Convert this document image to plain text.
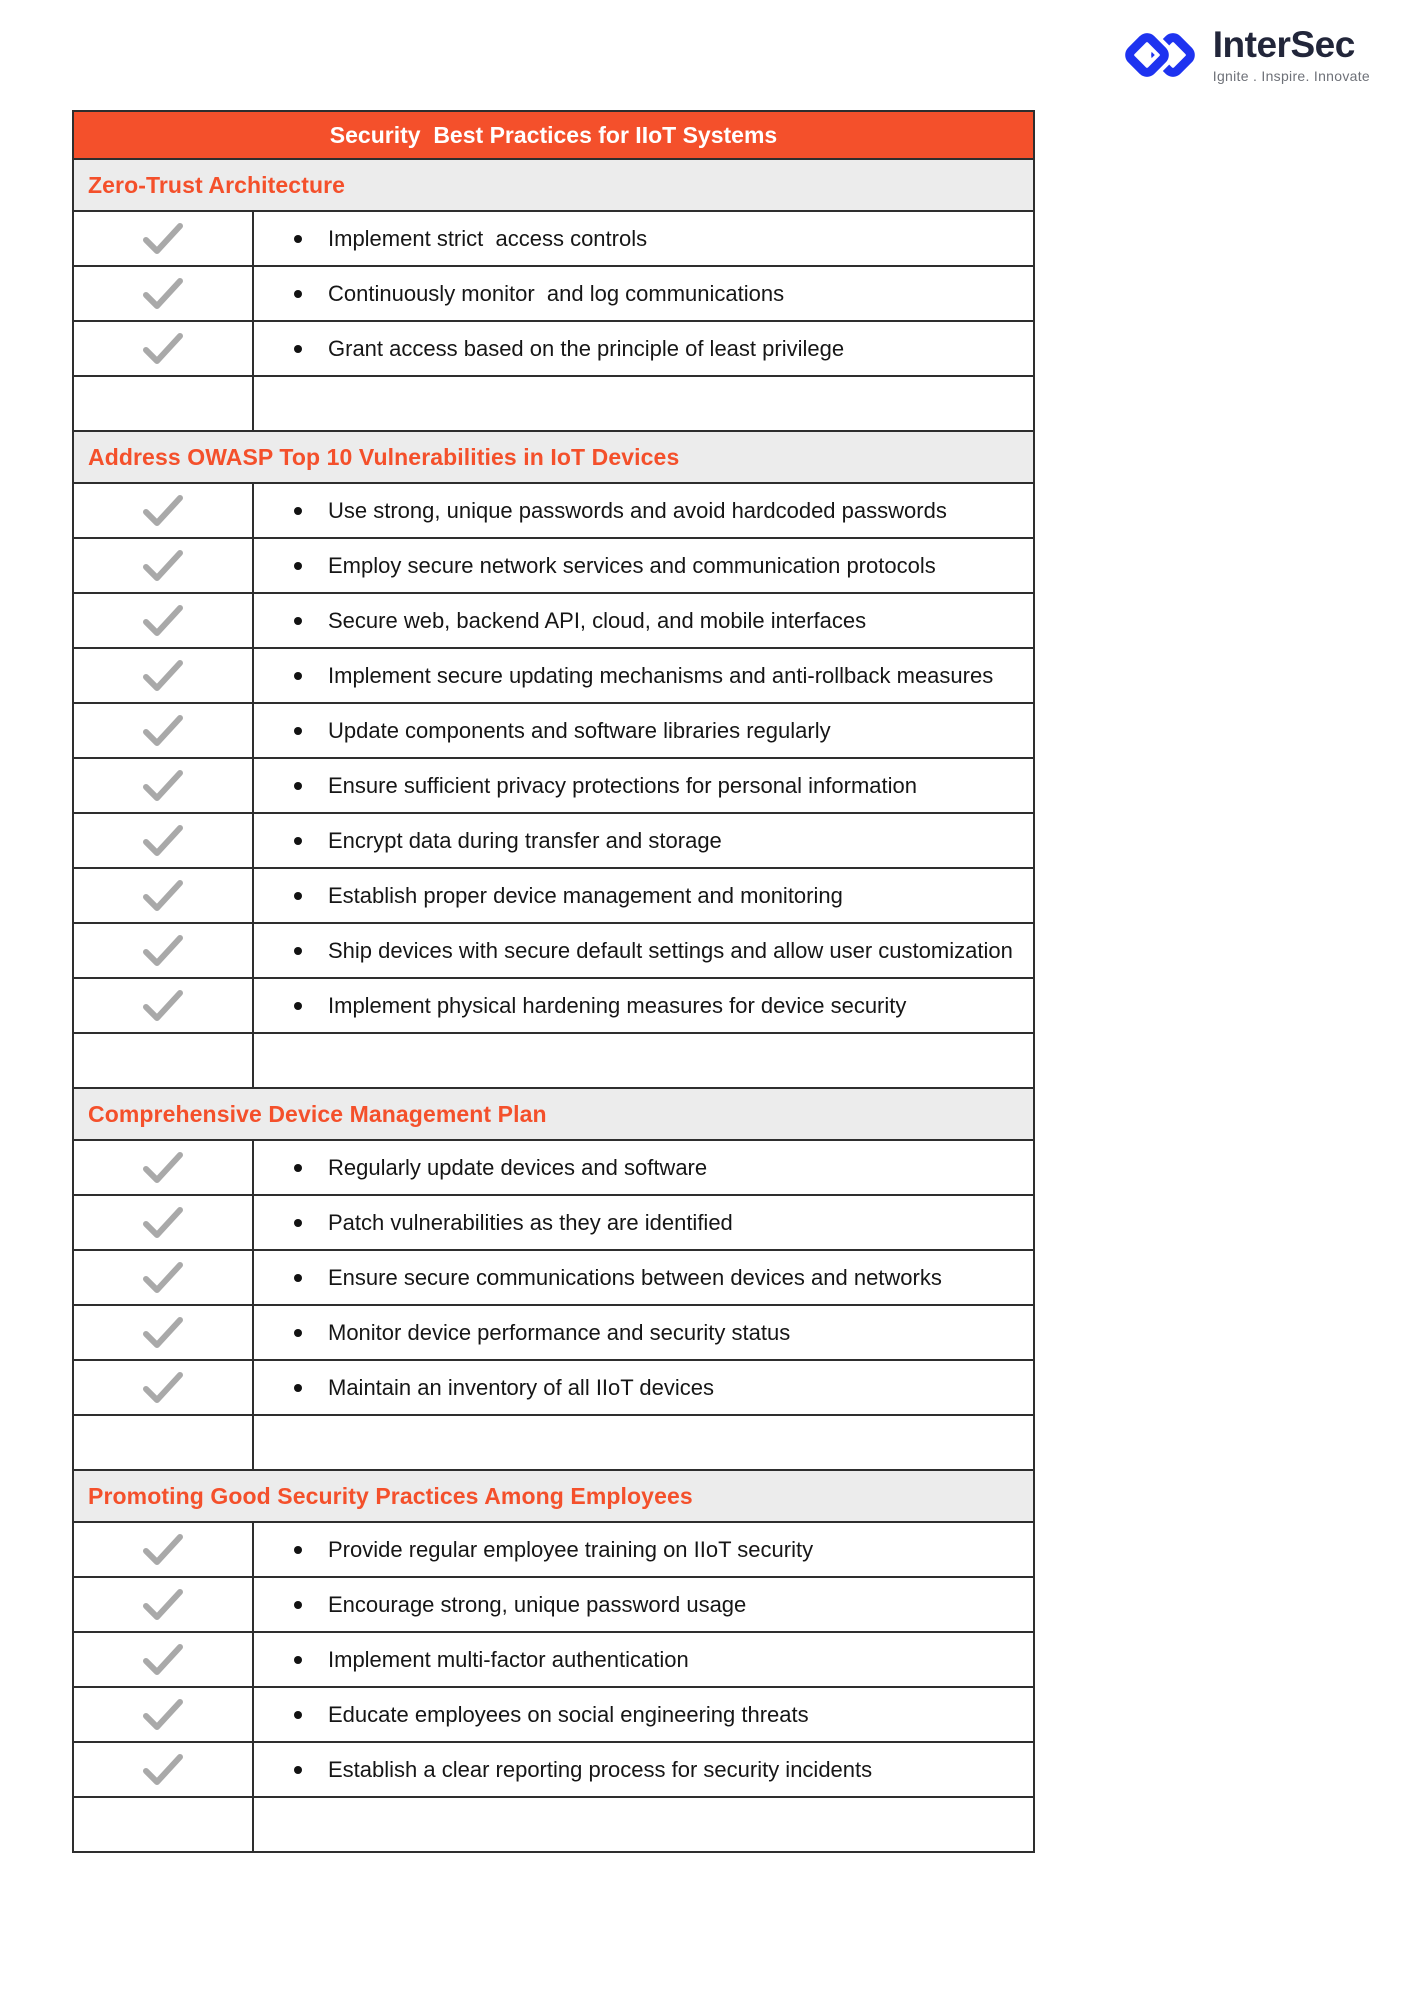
InterSec
Ignite . Inspire. Innovate
Security  Best Practices for IIoT Systems
Zero-Trust Architecture
Implement strict  access controls
Continuously monitor  and log communications
Grant access based on the principle of least privilege
Address OWASP Top 10 Vulnerabilities in IoT Devices
Use strong, unique passwords and avoid hardcoded passwords
Employ secure network services and communication protocols
Secure web, backend API, cloud, and mobile interfaces
Implement secure updating mechanisms and anti-rollback measures
Update components and software libraries regularly
Ensure sufficient privacy protections for personal information
Encrypt data during transfer and storage
Establish proper device management and monitoring
Ship devices with secure default settings and allow user customization
Implement physical hardening measures for device security
Comprehensive Device Management Plan
Regularly update devices and software
Patch vulnerabilities as they are identified
Ensure secure communications between devices and networks
Monitor device performance and security status
Maintain an inventory of all IIoT devices
Promoting Good Security Practices Among Employees
Provide regular employee training on IIoT security
Encourage strong, unique password usage
Implement multi-factor authentication
Educate employees on social engineering threats
Establish a clear reporting process for security incidents
